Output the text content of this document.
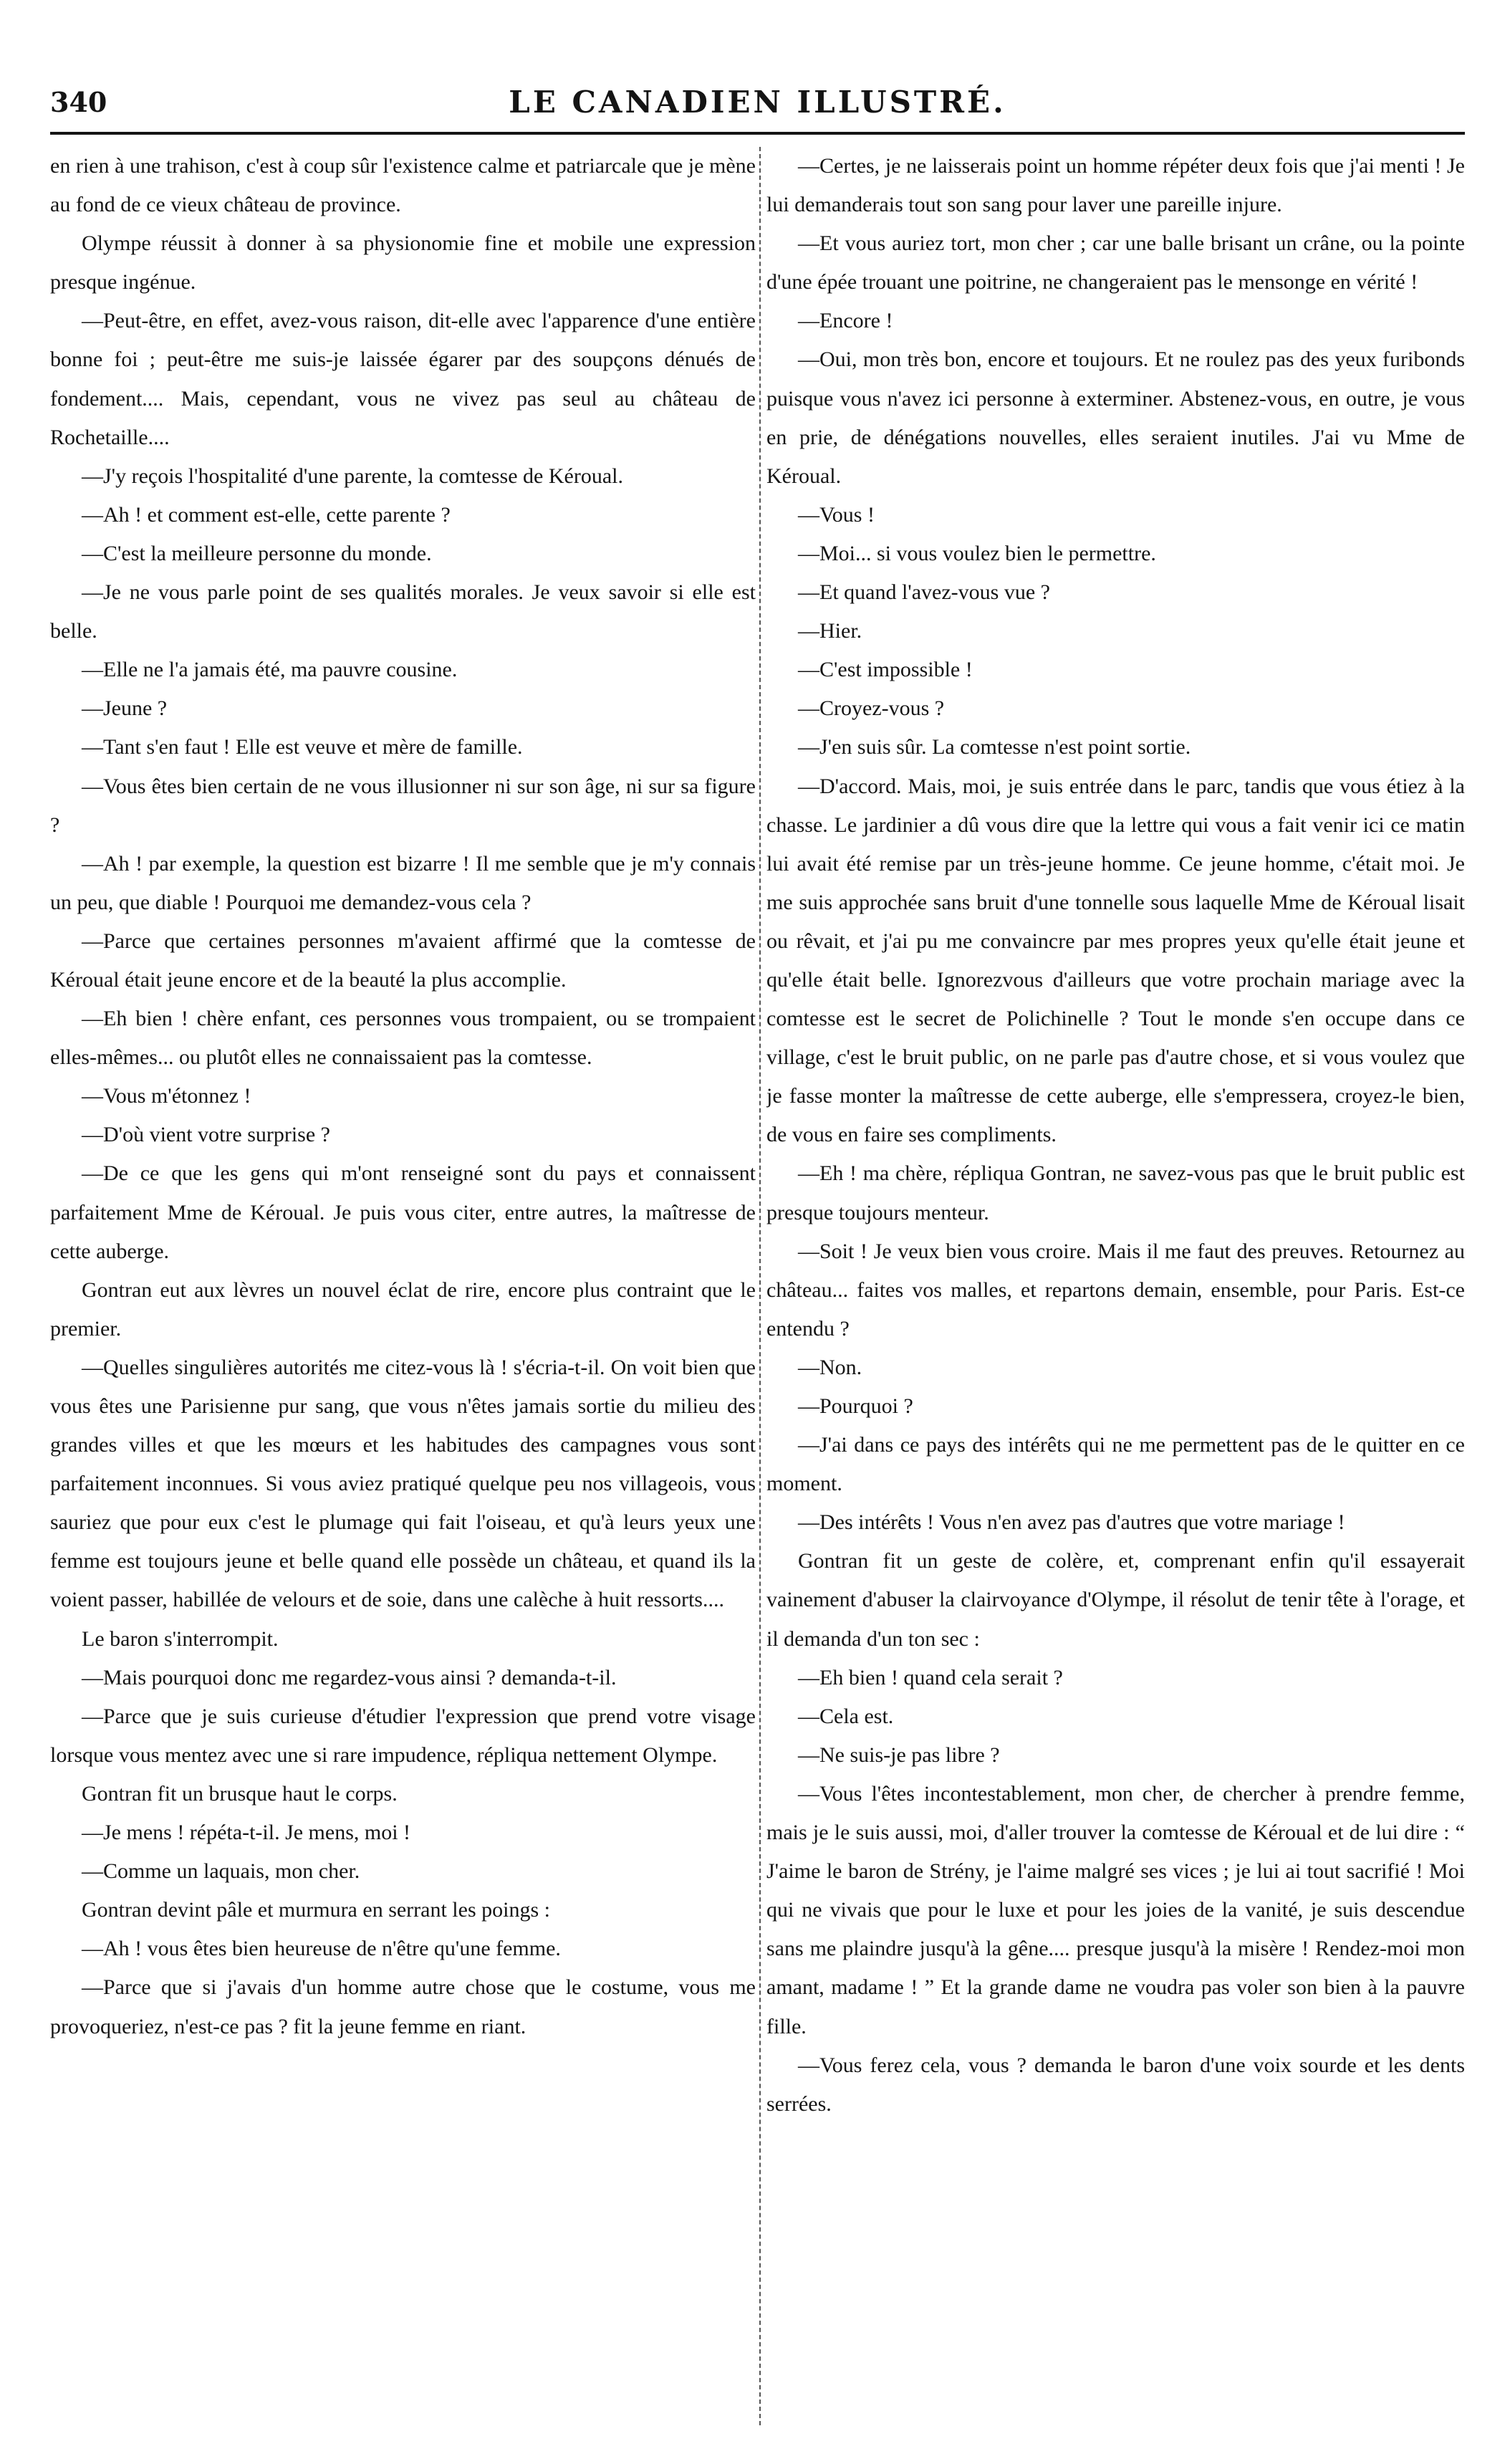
340	LE CANADIEN ILLUSTRÉ.

en rien à une trahison, c'est à coup sûr l'existence calme et patriarcale que je mène au fond de ce vieux château de province.

Olympe réussit à donner à sa physionomie fine et mobile une expression presque ingénue.

—Peut-être, en effet, avez-vous raison, dit-elle avec l'apparence d'une entière bonne foi ; peut-être me suis-je laissée égarer par des soupçons dénués de fondement.... Mais, cependant, vous ne vivez pas seul au château de Rochetaille....

—J'y reçois l'hospitalité d'une parente, la comtesse de Kéroual.

—Ah ! et comment est-elle, cette parente ?

—C'est la meilleure personne du monde.

—Je ne vous parle point de ses qualités morales. Je veux savoir si elle est belle.

—Elle ne l'a jamais été, ma pauvre cousine.

—Jeune ?

—Tant s'en faut ! Elle est veuve et mère de famille.

—Vous êtes bien certain de ne vous illusionner ni sur son âge, ni sur sa figure ?

—Ah ! par exemple, la question est bizarre ! Il me semble que je m'y connais un peu, que diable ! Pourquoi me demandez-vous cela ?

—Parce que certaines personnes m'avaient affirmé que la comtesse de Kéroual était jeune encore et de la beauté la plus accomplie.

—Eh bien ! chère enfant, ces personnes vous trompaient, ou se trompaient elles-mêmes... ou plutôt elles ne connaissaient pas la comtesse.

—Vous m'étonnez !

—D'où vient votre surprise ?

—De ce que les gens qui m'ont renseigné sont du pays et connaissent parfaitement Mme de Kéroual. Je puis vous citer, entre autres, la maîtresse de cette auberge.

Gontran eut aux lèvres un nouvel éclat de rire, encore plus contraint que le premier.

—Quelles singulières autorités me citez-vous là ! s'écria-t-il. On voit bien que vous êtes une Parisienne pur sang, que vous n'êtes jamais sortie du milieu des grandes villes et que les mœurs et les habitudes des campagnes vous sont parfaitement inconnues. Si vous aviez pratiqué quelque peu nos villageois, vous sauriez que pour eux c'est le plumage qui fait l'oiseau, et qu'à leurs yeux une femme est toujours jeune et belle quand elle possède un château, et quand ils la voient passer, habillée de velours et de soie, dans une calèche à huit ressorts....

Le baron s'interrompit.

—Mais pourquoi donc me regardez-vous ainsi ? demanda-t-il.

—Parce que je suis curieuse d'étudier l'expression que prend votre visage lorsque vous mentez avec une si rare impudence, répliqua nettement Olympe.

Gontran fit un brusque haut le corps.

—Je mens ! répéta-t-il. Je mens, moi !

—Comme un laquais, mon cher.

Gontran devint pâle et murmura en serrant les poings :

—Ah ! vous êtes bien heureuse de n'être qu'une femme.

—Parce que si j'avais d'un homme autre chose que le costume, vous me provoqueriez, n'est-ce pas ? fit la jeune femme en riant.

—Certes, je ne laisserais point un homme répéter deux fois que j'ai menti ! Je lui demanderais tout son sang pour laver une pareille injure.

—Et vous auriez tort, mon cher ; car une balle brisant un crâne, ou la pointe d'une épée trouant une poitrine, ne changeraient pas le mensonge en vérité !

—Encore !

—Oui, mon très bon, encore et toujours. Et ne roulez pas des yeux furibonds puisque vous n'avez ici personne à exterminer. Abstenez-vous, en outre, je vous en prie, de dénégations nouvelles, elles seraient inutiles. J'ai vu Mme de Kéroual.

—Vous !

—Moi... si vous voulez bien le permettre.

—Et quand l'avez-vous vue ?

—Hier.

—C'est impossible !

—Croyez-vous ?

—J'en suis sûr. La comtesse n'est point sortie.

—D'accord. Mais, moi, je suis entrée dans le parc, tandis que vous étiez à la chasse. Le jardinier a dû vous dire que la lettre qui vous a fait venir ici ce matin lui avait été remise par un très-jeune homme. Ce jeune homme, c'était moi. Je me suis approchée sans bruit d'une tonnelle sous laquelle Mme de Kéroual lisait ou rêvait, et j'ai pu me convaincre par mes propres yeux qu'elle était jeune et qu'elle était belle. Ignorezvous d'ailleurs que votre prochain mariage avec la comtesse est le secret de Polichinelle ? Tout le monde s'en occupe dans ce village, c'est le bruit public, on ne parle pas d'autre chose, et si vous voulez que je fasse monter la maîtresse de cette auberge, elle s'empressera, croyez-le bien, de vous en faire ses compliments.

—Eh ! ma chère, répliqua Gontran, ne savez-vous pas que le bruit public est presque toujours menteur.

—Soit ! Je veux bien vous croire. Mais il me faut des preuves. Retournez au château... faites vos malles, et repartons demain, ensemble, pour Paris. Est-ce entendu ?

—Non.

—Pourquoi ?

—J'ai dans ce pays des intérêts qui ne me permettent pas de le quitter en ce moment.

—Des intérêts ! Vous n'en avez pas d'autres que votre mariage !

Gontran fit un geste de colère, et, comprenant enfin qu'il essayerait vainement d'abuser la clairvoyance d'Olympe, il résolut de tenir tête à l'orage, et il demanda d'un ton sec :

—Eh bien ! quand cela serait ?

—Cela est.

—Ne suis-je pas libre ?

—Vous l'êtes incontestablement, mon cher, de chercher à prendre femme, mais je le suis aussi, moi, d'aller trouver la comtesse de Kéroual et de lui dire : “ J'aime le baron de Strény, je l'aime malgré ses vices ; je lui ai tout sacrifié ! Moi qui ne vivais que pour le luxe et pour les joies de la vanité, je suis descendue sans me plaindre jusqu'à la gêne.... presque jusqu'à la misère ! Rendez-moi mon amant, madame ! ” Et la grande dame ne voudra pas voler son bien à la pauvre fille.

—Vous ferez cela, vous ? demanda le baron d'une voix sourde et les dents serrées.
